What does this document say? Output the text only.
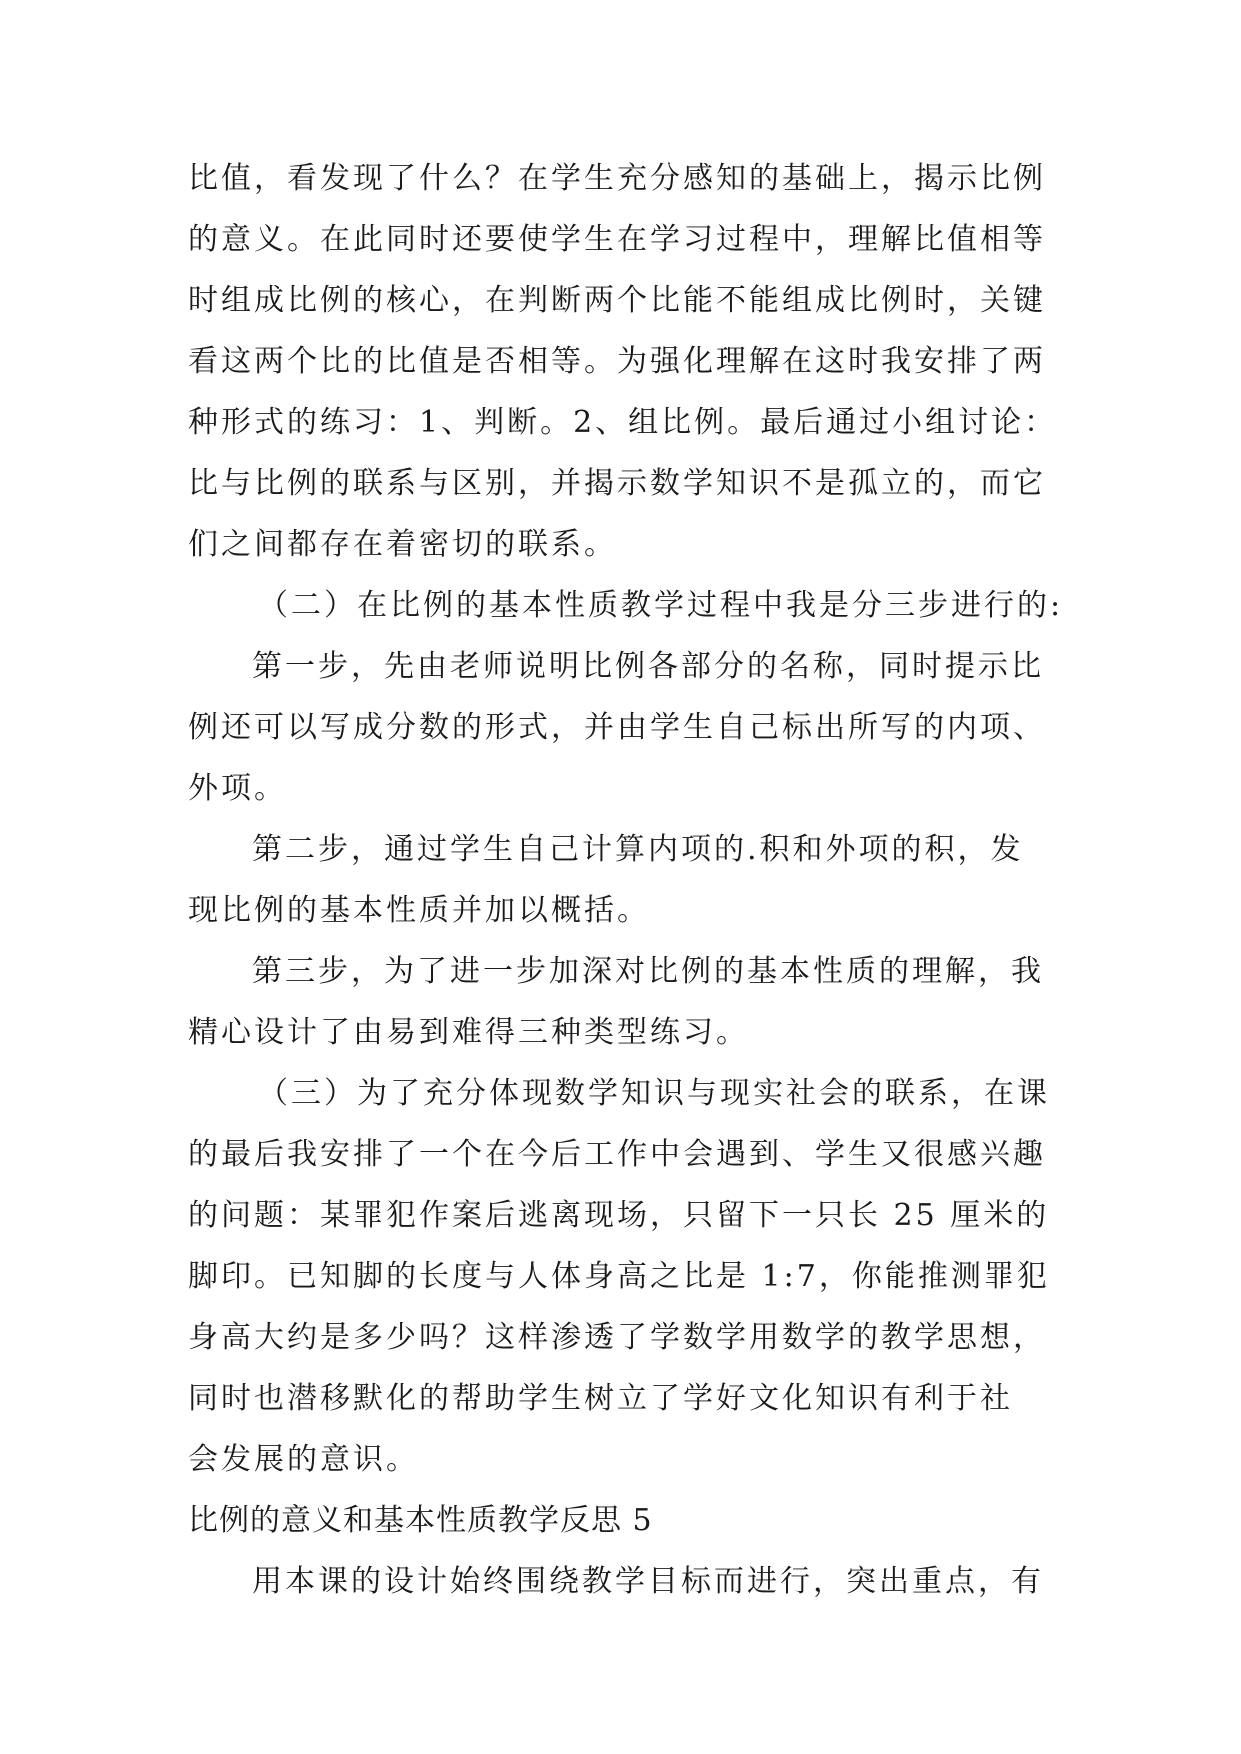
比值，看发现了什么？在学生充分感知的基础上，揭示比例
的意义。在此同时还要使学生在学习过程中，理解比值相等
时组成比例的核心，在判断两个比能不能组成比例时，关键
看这两个比的比值是否相等。为强化理解在这时我安排了两
种形式的练习：1、判断。2、组比例。最后通过小组讨论：
比与比例的联系与区别，并揭示数学知识不是孤立的，而它
们之间都存在着密切的联系。
（二）在比例的基本性质教学过程中我是分三步进行的:
第一步，先由老师说明比例各部分的名称，同时提示比
例还可以写成分数的形式，并由学生自己标出所写的内项、
外项。
第二步，通过学生自己计算内项的.积和外项的积，发
现比例的基本性质并加以概括。
第三步，为了进一步加深对比例的基本性质的理解，我
精心设计了由易到难得三种类型练习。
（三）为了充分体现数学知识与现实社会的联系，在课
的最后我安排了一个在今后工作中会遇到、学生又很感兴趣
的问题：某罪犯作案后逃离现场，只留下一只长 25 厘米的
脚印。已知脚的长度与人体身高之比是 1:7，你能推测罪犯
身高大约是多少吗？这样渗透了学数学用数学的教学思想，
同时也潜移默化的帮助学生树立了学好文化知识有利于社
会发展的意识。
比例的意义和基本性质教学反思 5
用本课的设计始终围绕教学目标而进行，突出重点，有
